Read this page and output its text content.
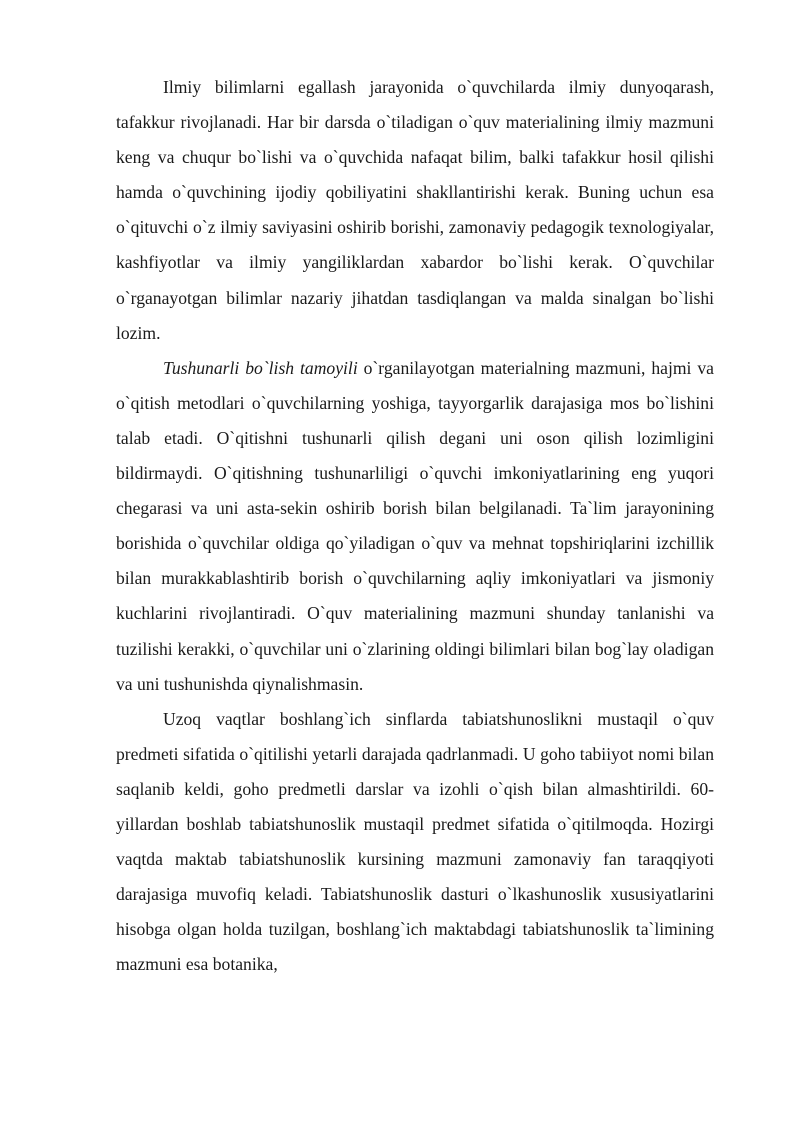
Ilmiy bilimlarni egallash jarayonida o`quvchilarda ilmiy dunyoqarash, tafakkur rivojlanadi. Har bir darsda o`tiladigan o`quv materialining ilmiy mazmuni keng va chuqur bo`lishi va o`quvchida nafaqat bilim, balki tafakkur hosil qilishi hamda o`quvchining ijodiy qobiliyatini shakllantirishi kerak. Buning uchun esa o`qituvchi o`z ilmiy saviyasini oshirib borishi, zamonaviy pedagogik texnologiyalar, kashfiyotlar va ilmiy yangiliklardan xabardor bo`lishi kerak. O`quvchilar o`rganayotgan bilimlar nazariy jihatdan tasdiqlangan va malda sinalgan bo`lishi lozim.

Tushunarli bo`lish tamoyili o`rganilayotgan materialning mazmuni, hajmi va o`qitish metodlari o`quvchilarning yoshiga, tayyorgarlik darajasiga mos bo`lishini talab etadi. O`qitishni tushunarli qilish degani uni oson qilish lozimligini bildirmaydi. O`qitishning tushunarliligi o`quvchi imkoniyatlarining eng yuqori chegarasi va uni asta-sekin oshirib borish bilan belgilanadi. Ta`lim jarayonining borishida o`quvchilar oldiga qo`yiladigan o`quv va mehnat topshiriqlarini izchillik bilan murakkablashtirib borish o`quvchilarning aqliy imkoniyatlari va jismoniy kuchlarini rivojlantiradi. O`quv materialining mazmuni shunday tanlanishi va tuzilishi kerakki, o`quvchilar uni o`zlarining oldingi bilimlari bilan bog`lay oladigan va uni tushunishda qiynalishmasin.

Uzoq vaqtlar boshlang`ich sinflarda tabiatshunoslikni mustaqil o`quv predmeti sifatida o`qitilishi yetarli darajada qadrlanmadi. U goho tabiiyot nomi bilan saqlanib keldi, goho predmetli darslar va izohli o`qish bilan almashtirildi. 60-yillardan boshlab tabiatshunoslik mustaqil predmet sifatida o`qitilmoqda. Hozirgi vaqtda maktab tabiatshunoslik kursining mazmuni zamonaviy fan taraqqiyoti darajasiga muvofiq keladi. Tabiatshunoslik dasturi o`lkashunoslik xususiyatlarini hisobga olgan holda tuzilgan, boshlang`ich maktabdagi tabiatshunoslik ta`limining mazmuni esa botanika,
